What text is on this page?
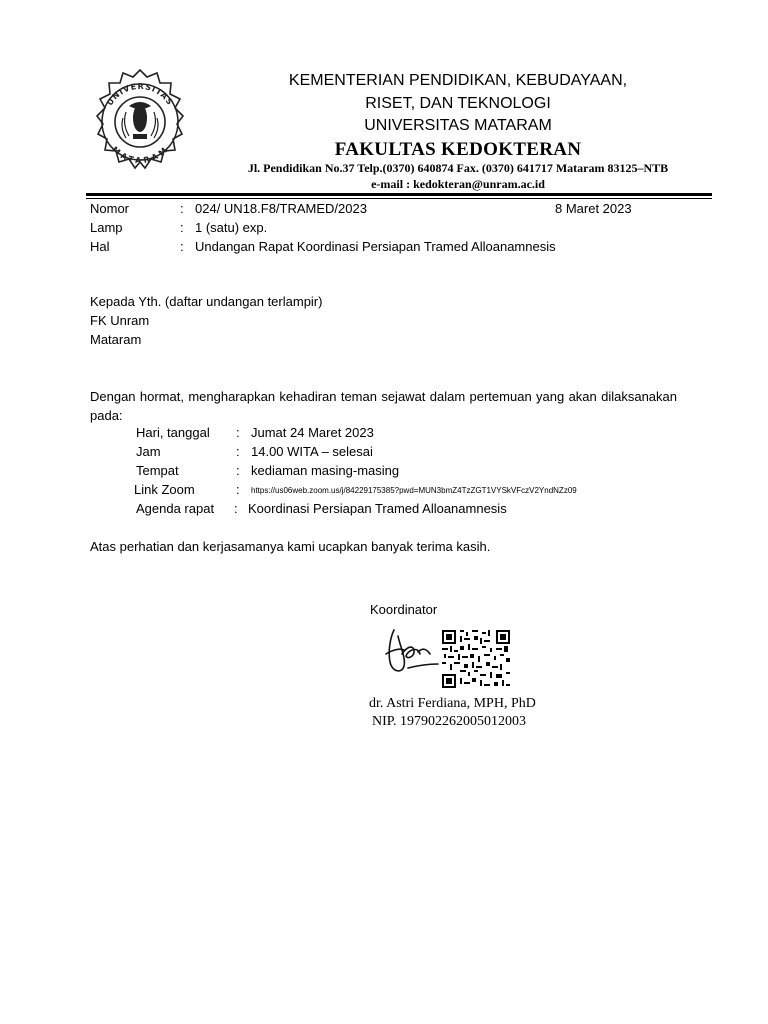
UNIVERSITAS
MATARAM
KEMENTERIAN PENDIDIKAN, KEBUDAYAAN,
RISET, DAN TEKNOLOGI
UNIVERSITAS MATARAM
FAKULTAS KEDOKTERAN
Jl. Pendidikan No.37 Telp.(0370) 640874 Fax. (0370) 641717 Mataram 83125–NTB
e-mail : kedokteran@unram.ac.id
Nomor	: 024/ UN18.F8/TRAMED/2023	8 Maret 2023
Lamp	: 1 (satu) exp.
Hal	: Undangan Rapat Koordinasi Persiapan Tramed Alloanamnesis
Kepada Yth. (daftar undangan terlampir)
FK Unram
Mataram
Dengan hormat, mengharapkan kehadiran teman sejawat dalam pertemuan yang akan dilaksanakan pada:
Hari, tanggal : Jumat 24 Maret 2023
Jam	: 14.00 WITA – selesai
Tempat	: kediaman masing-masing
Link Zoom	: https://us06web.zoom.us/j/84229175385?pwd=MUN3bmZ4TzZGT1VYSkVFczV2YndNZz09
Agenda rapat : Koordinasi Persiapan Tramed Alloanamnesis
Atas perhatian dan kerjasamanya kami ucapkan banyak terima kasih.
Koordinator
dr. Astri Ferdiana, MPH, PhD
NIP. 197902262005012003
